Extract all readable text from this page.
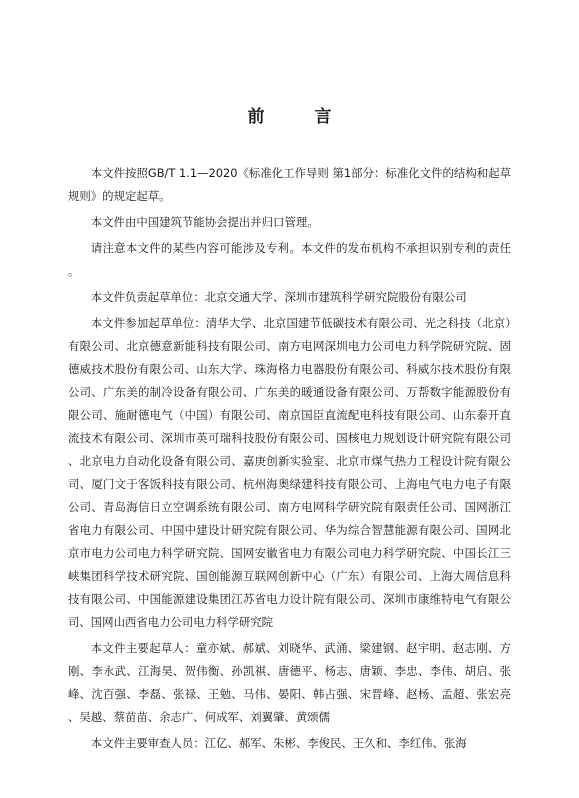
前 言

本文件按照GB/T 1.1—2020《标准化工作导则 第1部分：标准化文件的结构和起草规则》的规定起草。

本文件由中国建筑节能协会提出并归口管理。

请注意本文件的某些内容可能涉及专利。本文件的发布机构不承担识别专利的责任。

本文件负责起草单位：北京交通大学、深圳市建筑科学研究院股份有限公司

本文件参加起草单位：清华大学、北京国建节低碳技术有限公司、光之科技（北京）有限公司、北京德意新能科技有限公司、南方电网深圳电力公司电力科学院研究院、固德威技术股份有限公司、山东大学、珠海格力电器股份有限公司、科威尔技术股份有限公司、广东美的制冷设备有限公司、广东美的暖通设备有限公司、万帮数字能源股份有限公司、施耐德电气（中国）有限公司、南京国臣直流配电科技有限公司、山东泰开直流技术有限公司、深圳市英可瑞科技股份有限公司、国核电力规划设计研究院有限公司、北京电力自动化设备有限公司、嘉庚创新实验室、北京市煤气热力工程设计院有限公司、厦门文于客饭科技有限公司、杭州海奥绿建科技有限公司、上海电气电力电子有限公司、青岛海信日立空调系统有限公司、南方电网科学研究院有限责任公司、国网浙江省电力有限公司、中国中建设计研究院有限公司、华为综合智慧能源有限公司、国网北京市电力公司电力科学研究院、国网安徽省电力有限公司电力科学研究院、中国长江三峡集团科学技术研究院、国创能源互联网创新中心（广东）有限公司、上海大周信息科技有限公司、中国能源建设集团江苏省电力设计院有限公司、深圳市康维特电气有限公司、国网山西省电力公司电力科学研究院

本文件主要起草人：童亦斌、郝斌、刘晓华、武涌、梁建钢、赵宇明、赵志刚、方刚、李永武、江海昊、贺伟衡、孙凯祺、唐德平、杨志、唐颖、李忠、李伟、胡启、张峰、沈百强、李磊、张禄、王勉、马伟、晏阳、韩占强、宋晋峰、赵杨、孟超、张宏亮、吴越、蔡苗苗、余志广、何成军、刘翼肇、黄颂儒

本文件主要审查人员：江亿、郝军、朱彬、李俊民、王久和、李红伟、张海
